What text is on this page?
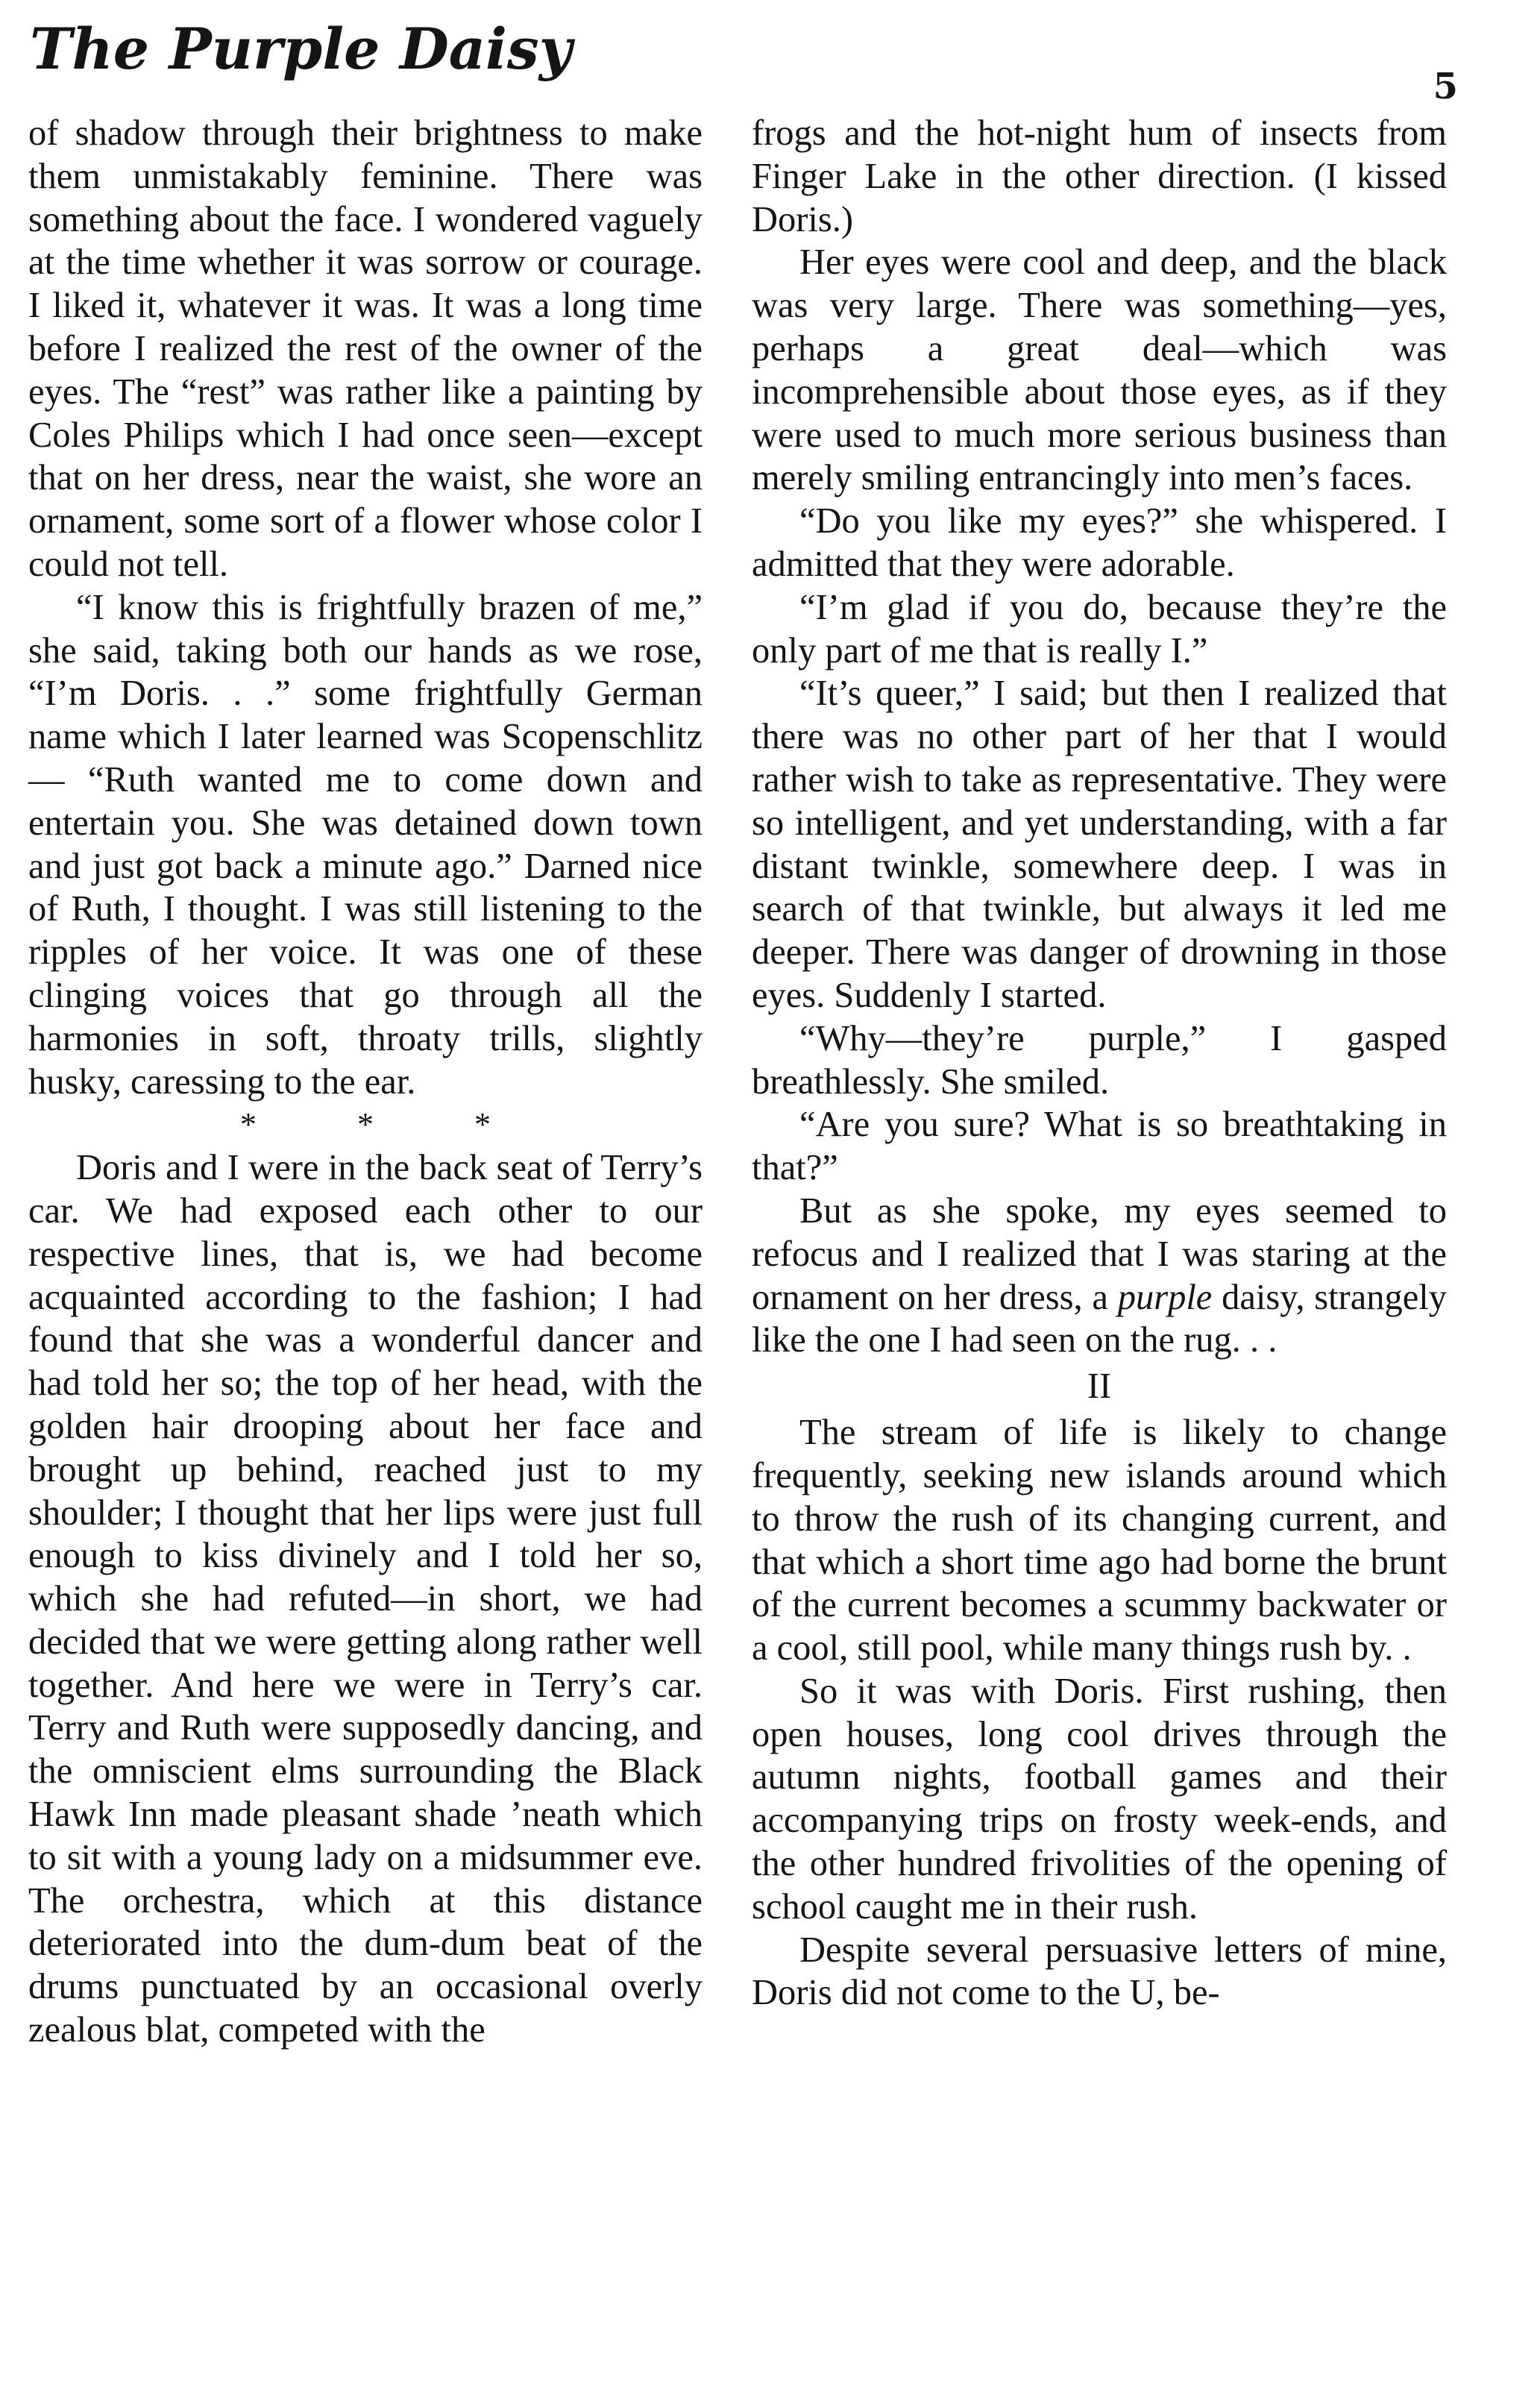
The Purple Daisy
5

of shadow through their brightness to make them unmistakably feminine. There was something about the face. I wondered vaguely at the time whether it was sorrow or courage. I liked it, whatever it was. It was a long time before I realized the rest of the owner of the eyes. The “rest” was rather like a painting by Coles Philips which I had once seen—except that on her dress, near the waist, she wore an ornament, some sort of a flower whose color I could not tell.

“I know this is frightfully brazen of me,” she said, taking both our hands as we rose, “I’m Doris. . .” some frightfully German name which I later learned was Scopenschlitz— “Ruth wanted me to come down and entertain you. She was detained down town and just got back a minute ago.” Darned nice of Ruth, I thought. I was still listening to the ripples of her voice. It was one of these clinging voices that go through all the harmonies in soft, throaty trills, slightly husky, caressing to the ear.

* * *

Doris and I were in the back seat of Terry’s car. We had exposed each other to our respective lines, that is, we had become acquainted according to the fashion; I had found that she was a wonderful dancer and had told her so; the top of her head, with the golden hair drooping about her face and brought up behind, reached just to my shoulder; I thought that her lips were just full enough to kiss divinely and I told her so, which she had refuted—in short, we had decided that we were getting along rather well together. And here we were in Terry’s car. Terry and Ruth were supposedly dancing, and the omniscient elms surrounding the Black Hawk Inn made pleasant shade ’neath which to sit with a young lady on a midsummer eve. The orchestra, which at this distance deteriorated into the dum-dum beat of the drums punctuated by an occasional overly zealous blat, competed with the

frogs and the hot-night hum of insects from Finger Lake in the other direction. (I kissed Doris.)

Her eyes were cool and deep, and the black was very large. There was something—yes, perhaps a great deal—which was incomprehensible about those eyes, as if they were used to much more serious business than merely smiling entrancingly into men’s faces.

“Do you like my eyes?” she whispered. I admitted that they were adorable.

“I’m glad if you do, because they’re the only part of me that is really I.”

“It’s queer,” I said; but then I realized that there was no other part of her that I would rather wish to take as representative. They were so intelligent, and yet understanding, with a far distant twinkle, somewhere deep. I was in search of that twinkle, but always it led me deeper. There was danger of drowning in those eyes. Suddenly I started.

“Why—they’re purple,” I gasped breathlessly. She smiled.

“Are you sure? What is so breathtaking in that?”

But as she spoke, my eyes seemed to refocus and I realized that I was staring at the ornament on her dress, a purple daisy, strangely like the one I had seen on the rug. . .

II

The stream of life is likely to change frequently, seeking new islands around which to throw the rush of its changing current, and that which a short time ago had borne the brunt of the current becomes a scummy backwater or a cool, still pool, while many things rush by. .

So it was with Doris. First rushing, then open houses, long cool drives through the autumn nights, football games and their accompanying trips on frosty week-ends, and the other hundred frivolities of the opening of school caught me in their rush.

Despite several persuasive letters of mine, Doris did not come to the U, be-
